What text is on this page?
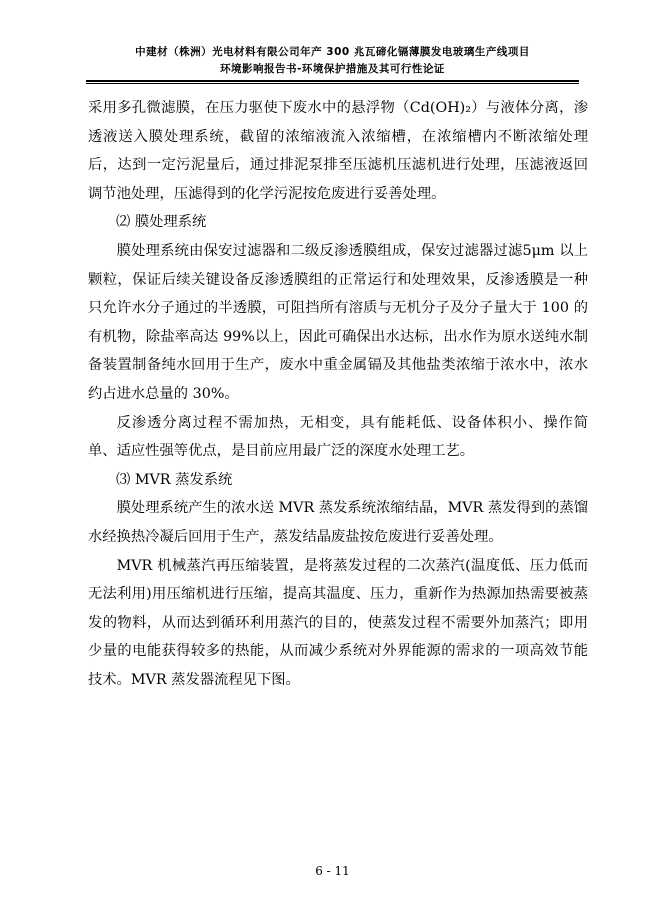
中建材（株洲）光电材料有限公司年产 300 兆瓦碲化镉薄膜发电玻璃生产线项目
环境影响报告书-环境保护措施及其可行性论证

采用多孔微滤膜，在压力驱使下废水中的悬浮物（Cd(OH)₂）与液体分离，渗透液送入膜处理系统，截留的浓缩液流入浓缩槽，在浓缩槽内不断浓缩处理后，达到一定污泥量后，通过排泥泵排至压滤机压滤机进行处理，压滤液返回调节池处理，压滤得到的化学污泥按危废进行妥善处理。

⑵ 膜处理系统

膜处理系统由保安过滤器和二级反渗透膜组成，保安过滤器过滤5μm 以上颗粒，保证后续关键设备反渗透膜组的正常运行和处理效果，反渗透膜是一种只允许水分子通过的半透膜，可阻挡所有溶质与无机分子及分子量大于 100 的有机物，除盐率高达 99%以上，因此可确保出水达标，出水作为原水送纯水制备装置制备纯水回用于生产，废水中重金属镉及其他盐类浓缩于浓水中，浓水约占进水总量的 30%。

反渗透分离过程不需加热，无相变，具有能耗低、设备体积小、操作简单、适应性强等优点，是目前应用最广泛的深度水处理工艺。

⑶ MVR 蒸发系统

膜处理系统产生的浓水送 MVR 蒸发系统浓缩结晶，MVR 蒸发得到的蒸馏水经换热冷凝后回用于生产，蒸发结晶废盐按危废进行妥善处理。

MVR 机械蒸汽再压缩装置，是将蒸发过程的二次蒸汽(温度低、压力低而无法利用)用压缩机进行压缩，提高其温度、压力，重新作为热源加热需要被蒸发的物料，从而达到循环利用蒸汽的目的，使蒸发过程不需要外加蒸汽；即用少量的电能获得较多的热能，从而减少系统对外界能源的需求的一项高效节能技术。MVR 蒸发器流程见下图。

6 - 11
